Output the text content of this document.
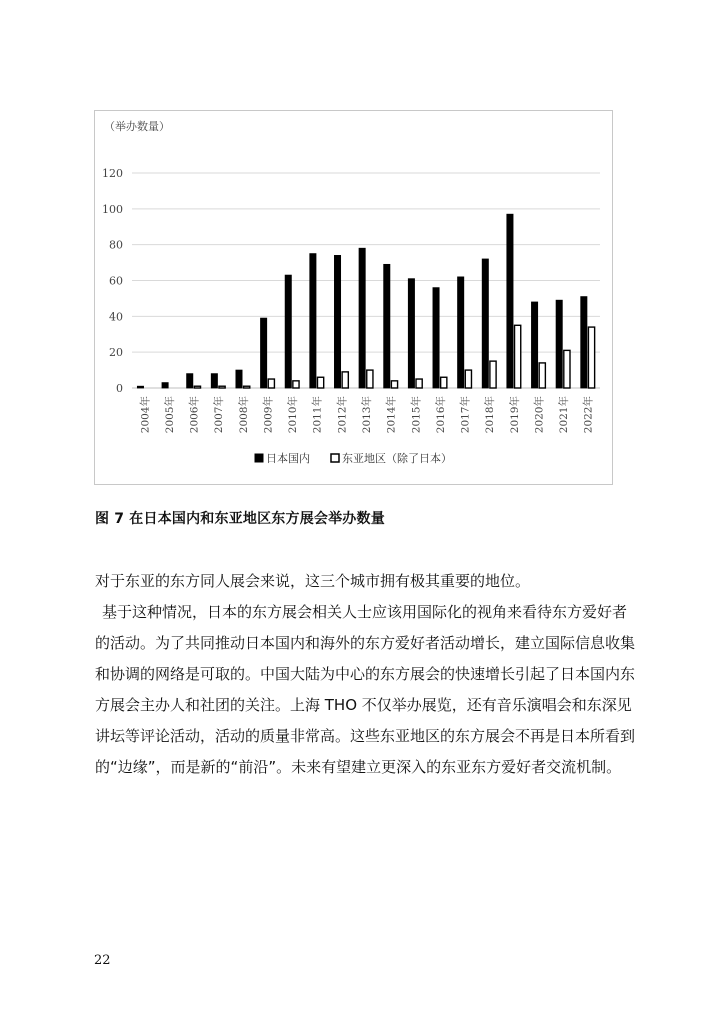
（举办数量）
0
20
40
60
80
100
120
2004年 2005年 2006年 2007年 2008年 2009年 2010年 2011年 2012年 2013年 2014年 2015年 2016年 2017年 2018年 2019年 2020年 2021年 2022年
日本国内	东亚地区（除了日本）
图 7 在日本国内和东亚地区东方展会举办数量

对于东亚的东方同人展会来说，这三个城市拥有极其重要的地位。

基于这种情况，日本的东方展会相关人士应该用国际化的视角来看待东方爱好者的活动。为了共同推动日本国内和海外的东方爱好者活动增长，建立国际信息收集和协调的网络是可取的。中国大陆为中心的东方展会的快速增长引起了日本国内东方展会主办人和社团的关注。上海 THO 不仅举办展览，还有音乐演唱会和东深见讲坛等评论活动，活动的质量非常高。这些东亚地区的东方展会不再是日本所看到的“边缘”，而是新的“前沿”。未来有望建立更深入的东亚东方爱好者交流机制。

22
